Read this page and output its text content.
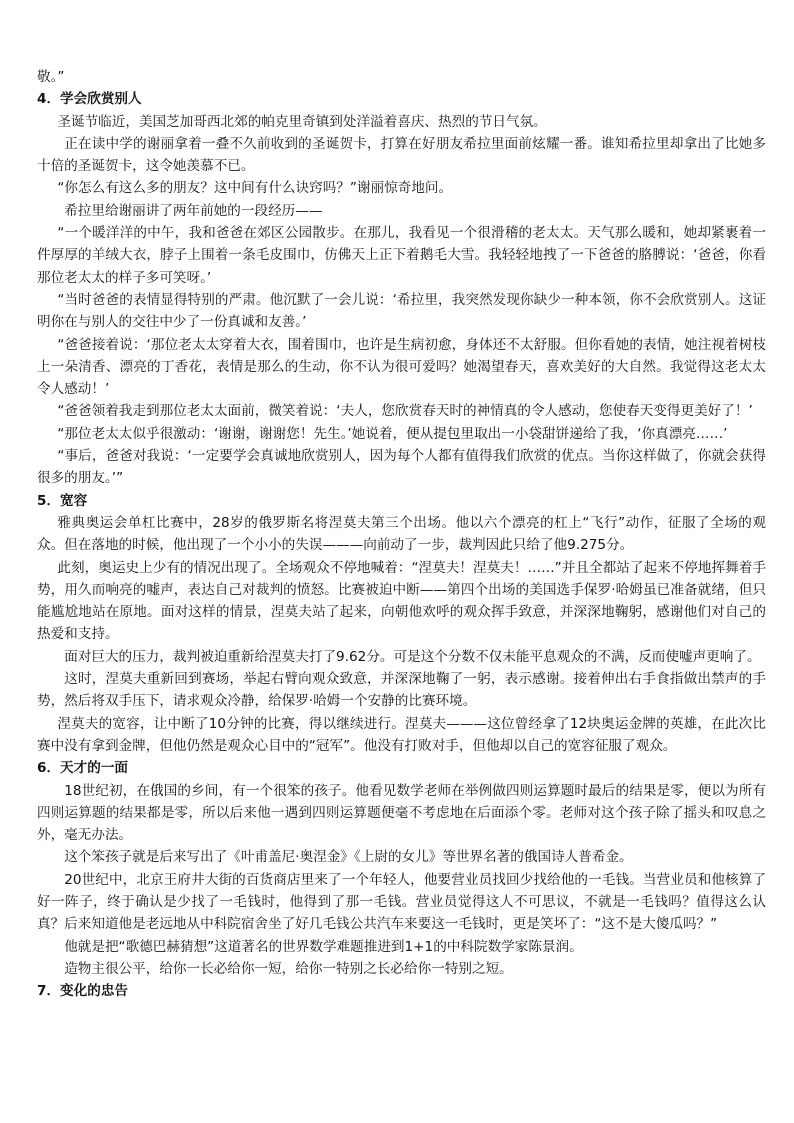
敬。”

4．学会欣赏别人

圣诞节临近，美国芝加哥西北郊的帕克里奇镇到处洋溢着喜庆、热烈的节日气氛。

正在读中学的谢丽拿着一叠不久前收到的圣诞贺卡，打算在好朋友希拉里面前炫耀一番。谁知希拉里却拿出了比她多十倍的圣诞贺卡，这令她羡慕不已。

“你怎么有这么多的朋友？这中间有什么诀窍吗？”谢丽惊奇地问。

希拉里给谢丽讲了两年前她的一段经历——

“一个暖洋洋的中午，我和爸爸在郊区公园散步。在那儿，我看见一个很滑稽的老太太。天气那么暖和，她却紧裹着一件厚厚的羊绒大衣，脖子上围着一条毛皮围巾，仿佛天上正下着鹅毛大雪。我轻轻地拽了一下爸爸的胳膊说：‘爸爸，你看那位老太太的样子多可笑呀。’

“当时爸爸的表情显得特别的严肃。他沉默了一会儿说：‘希拉里，我突然发现你缺少一种本领，你不会欣赏别人。这证明你在与别人的交往中少了一份真诚和友善。’

“爸爸接着说：‘那位老太太穿着大衣，围着围巾，也许是生病初愈，身体还不太舒服。但你看她的表情，她注视着树枝上一朵清香、漂亮的丁香花，表情是那么的生动，你不认为很可爱吗？她渴望春天，喜欢美好的大自然。我觉得这老太太令人感动！’

“爸爸领着我走到那位老太太面前，微笑着说：‘夫人，您欣赏春天时的神情真的令人感动，您使春天变得更美好了！’

“那位老太太似乎很激动：‘谢谢，谢谢您！先生。’她说着，便从提包里取出一小袋甜饼递给了我，‘你真漂亮……’

“事后，爸爸对我说：‘一定要学会真诚地欣赏别人，因为每个人都有值得我们欣赏的优点。当你这样做了，你就会获得很多的朋友。’”

5．宽容

雅典奥运会单杠比赛中，28岁的俄罗斯名将涅莫夫第三个出场。他以六个漂亮的杠上“飞行”动作，征服了全场的观众。但在落地的时候，他出现了一个小小的失误———向前动了一步，裁判因此只给了他9.275分。

此刻，奥运史上少有的情况出现了。全场观众不停地喊着：“涅莫夫！涅莫夫！……”并且全都站了起来不停地挥舞着手势，用久而响亮的嘘声，表达自己对裁判的愤怒。比赛被迫中断——第四个出场的美国选手保罗·哈姆虽已准备就绪，但只能尴尬地站在原地。面对这样的情景，涅莫夫站了起来，向朝他欢呼的观众挥手致意，并深深地鞠躬，感谢他们对自己的热爱和支持。

面对巨大的压力，裁判被迫重新给涅莫夫打了9.62分。可是这个分数不仅未能平息观众的不满，反而使嘘声更响了。

这时，涅莫夫重新回到赛场，举起右臂向观众致意，并深深地鞠了一躬，表示感谢。接着伸出右手食指做出禁声的手势，然后将双手压下，请求观众冷静，给保罗·哈姆一个安静的比赛环境。

涅莫夫的宽容，让中断了10分钟的比赛，得以继续进行。涅莫夫———这位曾经拿了12块奥运金牌的英雄，在此次比赛中没有拿到金牌，但他仍然是观众心目中的“冠军”。他没有打败对手，但他却以自己的宽容征服了观众。

6．天才的一面

18世纪初，在俄国的乡间，有一个很笨的孩子。他看见数学老师在举例做四则运算题时最后的结果是零，便以为所有四则运算题的结果都是零，所以后来他一遇到四则运算题便毫不考虑地在后面添个零。老师对这个孩子除了摇头和叹息之外，毫无办法。

这个笨孩子就是后来写出了《叶甫盖尼·奥涅金》《上尉的女儿》等世界名著的俄国诗人普希金。

20世纪中，北京王府井大街的百货商店里来了一个年轻人，他要营业员找回少找给他的一毛钱。当营业员和他核算了好一阵子，终于确认是少找了一毛钱时，他得到了那一毛钱。营业员觉得这人不可思议，不就是一毛钱吗？值得这么认真？后来知道他是老远地从中科院宿舍坐了好几毛钱公共汽车来要这一毛钱时，更是笑坏了：“这不是大傻瓜吗？”

他就是把“歌德巴赫猜想”这道著名的世界数学难题推进到1+1的中科院数学家陈景润。

造物主很公平，给你一长必给你一短，给你一特别之长必给你一特别之短。

7．变化的忠告
